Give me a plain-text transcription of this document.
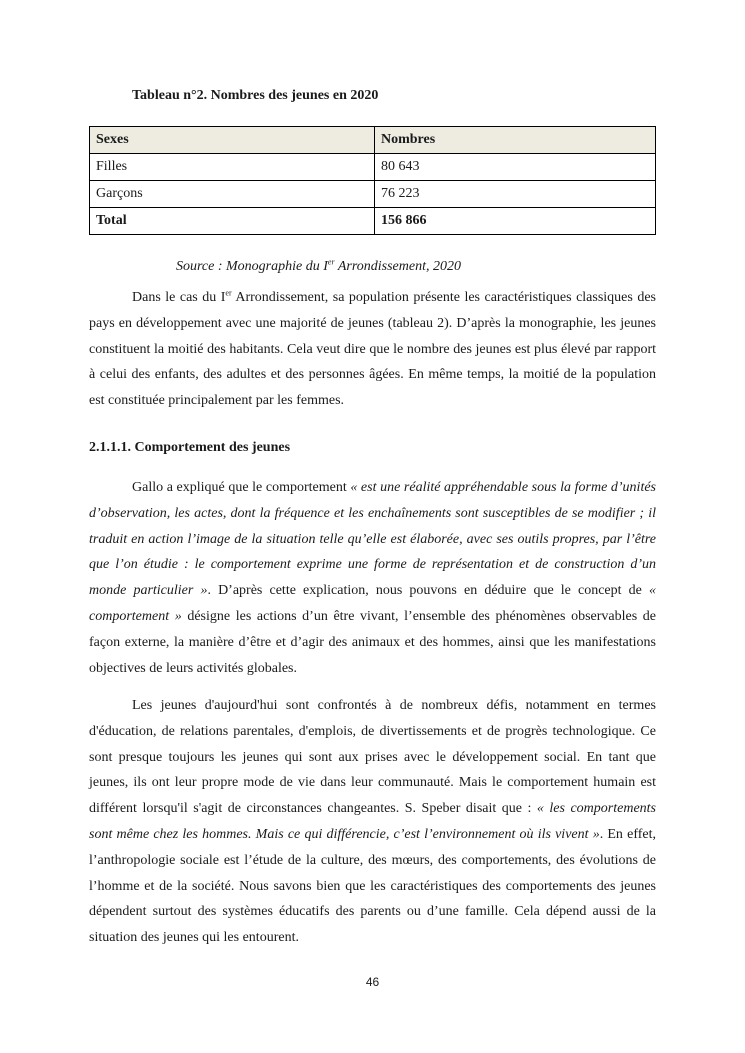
Tableau n°2. Nombres des jeunes en 2020
Sexes	Nombres
Filles	80 643
Garçons	76 223
Total	156 866
Source : Monographie du Ier Arrondissement, 2020

Dans le cas du Ier Arrondissement, sa population présente les caractéristiques classiques des pays en développement avec une majorité de jeunes (tableau 2). D’après la monographie, les jeunes constituent la moitié des habitants. Cela veut dire que le nombre des jeunes est plus élevé par rapport à celui des enfants, des adultes et des personnes âgées. En même temps, la moitié de la population est constituée principalement par les femmes.

2.1.1.1. Comportement des jeunes

Gallo a expliqué que le comportement « est une réalité appréhendable sous la forme d’unités d’observation, les actes, dont la fréquence et les enchaînements sont susceptibles de se modifier ; il traduit en action l’image de la situation telle qu’elle est élaborée, avec ses outils propres, par l’être que l’on étudie : le comportement exprime une forme de représentation et de construction d’un monde particulier ». D’après cette explication, nous pouvons en déduire que le concept de « comportement » désigne les actions d’un être vivant, l’ensemble des phénomènes observables de façon externe, la manière d’être et d’agir des animaux et des hommes, ainsi que les manifestations objectives de leurs activités globales.

Les jeunes d'aujourd'hui sont confrontés à de nombreux défis, notamment en termes d'éducation, de relations parentales, d'emplois, de divertissements et de progrès technologique. Ce sont presque toujours les jeunes qui sont aux prises avec le développement social. En tant que jeunes, ils ont leur propre mode de vie dans leur communauté. Mais le comportement humain est différent lorsqu'il s'agit de circonstances changeantes. S. Speber disait que : « les comportements sont même chez les hommes. Mais ce qui différencie, c’est l’environnement où ils vivent ». En effet, l’anthropologie sociale est l’étude de la culture, des mœurs, des comportements, des évolutions de l’homme et de la société. Nous savons bien que les caractéristiques des comportements des jeunes dépendent surtout des systèmes éducatifs des parents ou d’une famille. Cela dépend aussi de la situation des jeunes qui les entourent.

46
